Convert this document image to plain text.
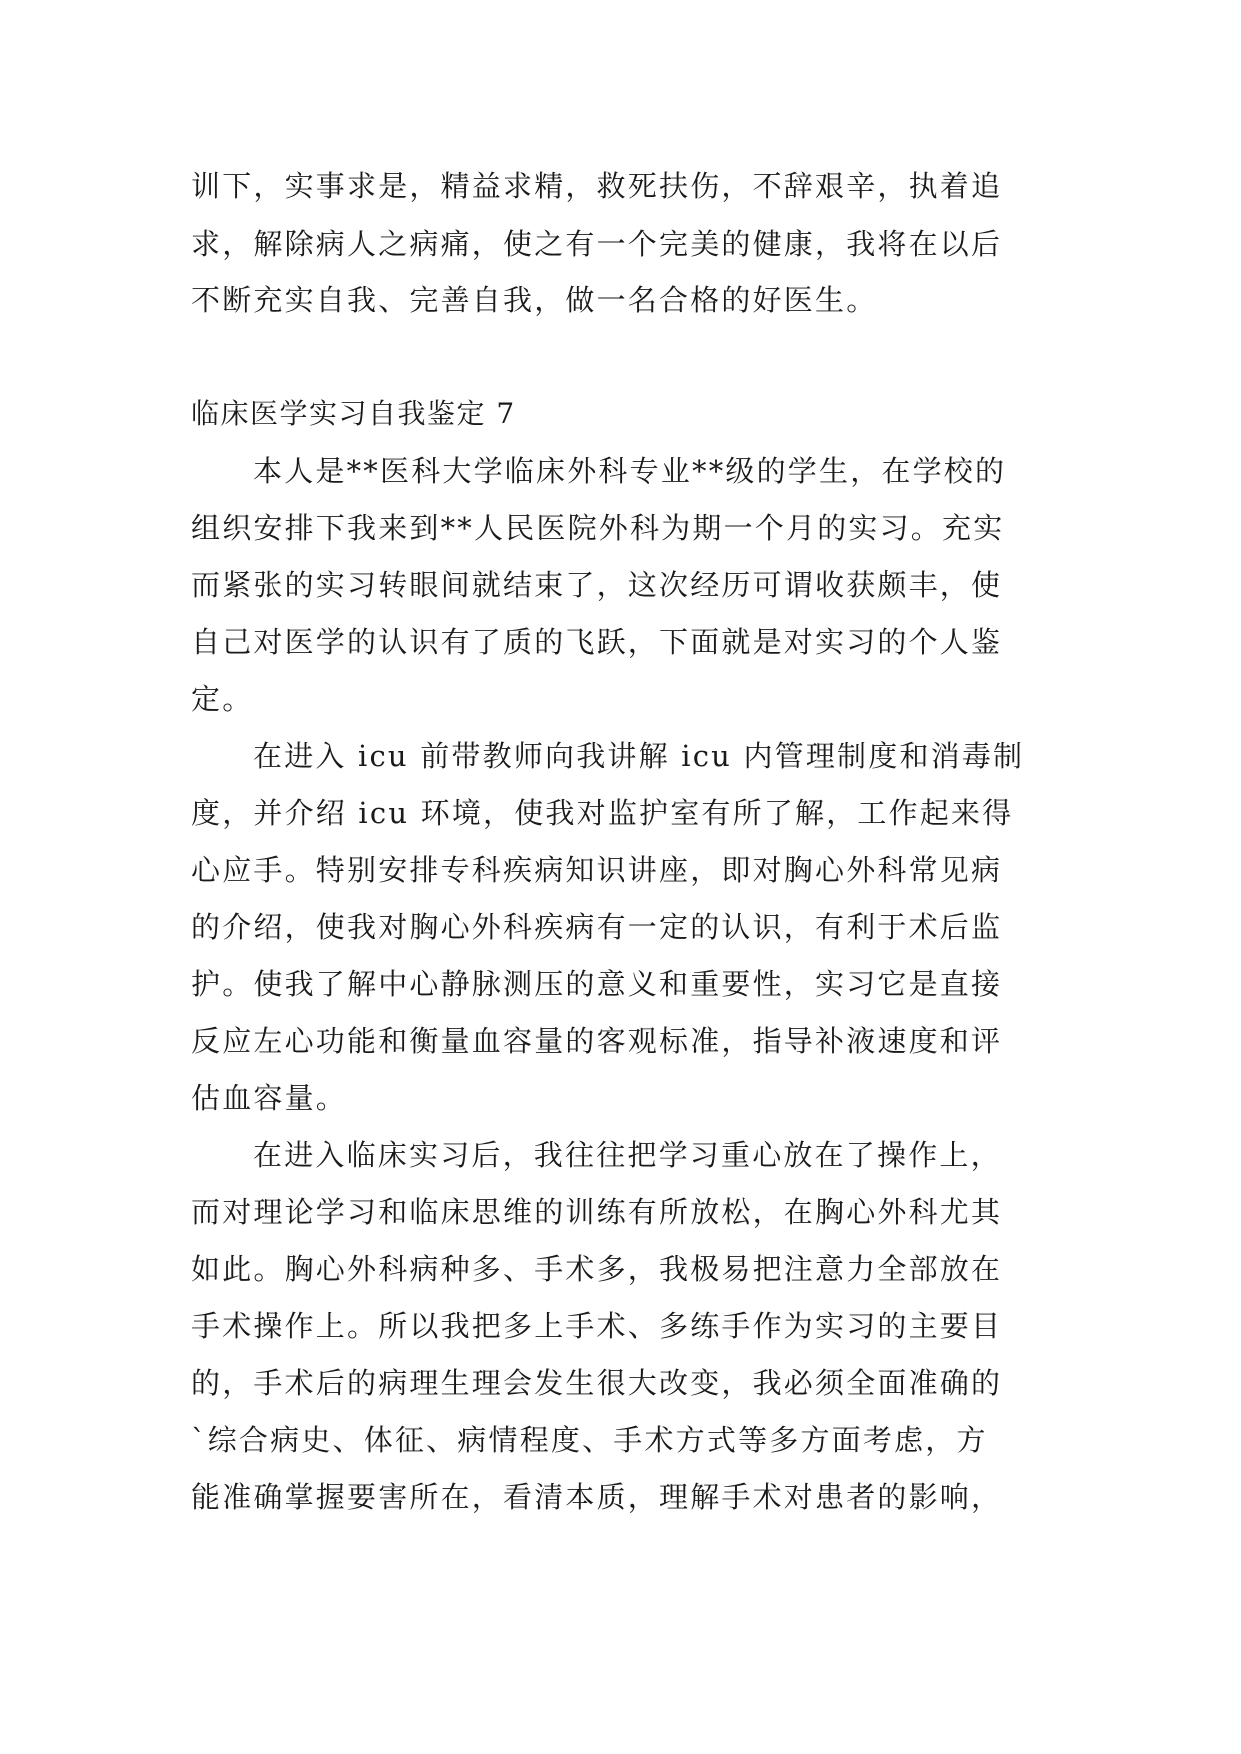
训下，实事求是，精益求精，救死扶伤，不辞艰辛，执着追
求，解除病人之病痛，使之有一个完美的健康，我将在以后
不断充实自我、完善自我，做一名合格的好医生。
临床医学实习自我鉴定 7
本人是**医科大学临床外科专业**级的学生，在学校的
组织安排下我来到**人民医院外科为期一个月的实习。充实
而紧张的实习转眼间就结束了，这次经历可谓收获颇丰，使
自己对医学的认识有了质的飞跃，下面就是对实习的个人鉴
定。
在进入 icu 前带教师向我讲解 icu 内管理制度和消毒制
度，并介绍 icu 环境，使我对监护室有所了解，工作起来得
心应手。特别安排专科疾病知识讲座，即对胸心外科常见病
的介绍，使我对胸心外科疾病有一定的认识，有利于术后监
护。使我了解中心静脉测压的意义和重要性，实习它是直接
反应左心功能和衡量血容量的客观标准，指导补液速度和评
估血容量。
在进入临床实习后，我往往把学习重心放在了操作上，
而对理论学习和临床思维的训练有所放松，在胸心外科尤其
如此。胸心外科病种多、手术多，我极易把注意力全部放在
手术操作上。所以我把多上手术、多练手作为实习的主要目
的，手术后的病理生理会发生很大改变，我必须全面准确的
`综合病史、体征、病情程度、手术方式等多方面考虑，方
能准确掌握要害所在，看清本质，理解手术对患者的影响，
